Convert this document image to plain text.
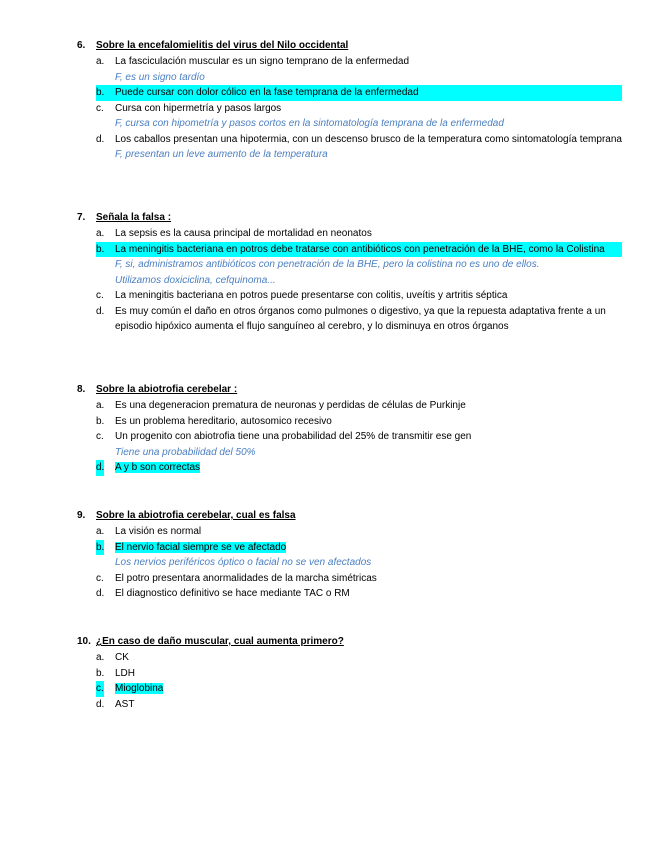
6. Sobre la encefalomielitis del virus del Nilo occidental
a. La fasciculación muscular es un signo temprano de la enfermedad
F, es un signo tardío
b. Puede cursar con dolor cólico en la fase temprana de la enfermedad
c. Cursa con hipermetría y pasos largos
F, cursa con hipometría y pasos cortos en la sintomatología temprana de la enfermedad
d. Los caballos presentan una hipotermia, con un descenso brusco de la temperatura como sintomatología temprana
F, presentan un leve aumento de la temperatura
7. Señala la falsa :
a. La sepsis es la causa principal de mortalidad en neonatos
b. La meningitis bacteriana en potros debe tratarse con antibióticos con penetración de la BHE, como la Colistina
F, si, administramos antibióticos con penetración de la BHE, pero la colistina no es uno de ellos.
Utilizamos doxiciclina, cefquinoma...
c. La meningitis bacteriana en potros puede presentarse con colitis, uveítis y artritis séptica
d. Es muy común el daño en otros órganos como pulmones o digestivo, ya que la repuesta adaptativa frente a un episodio hipóxico aumenta el flujo sanguíneo al cerebro, y lo disminuya en otros órganos
8. Sobre la abiotrofia cerebelar :
a. Es una degeneracion prematura de neuronas y perdidas de células de Purkinje
b. Es un problema hereditario, autosomico recesivo
c. Un progenito con abiotrofia tiene una probabilidad del 25% de transmitir ese gen
Tiene una probabilidad del 50%
d. A y b son correctas
9. Sobre la abiotrofia cerebelar, cual es falsa
a. La visión es normal
b. El nervio facial siempre se ve afectado
Los nervios periféricos óptico o facial no se ven afectados
c. El potro presentara anormalidades de la marcha simétricas
d. El diagnostico definitivo se hace mediante TAC o RM
10. ¿En caso de daño muscular, cual aumenta primero?
a. CK
b. LDH
c. Mioglobina
d. AST
